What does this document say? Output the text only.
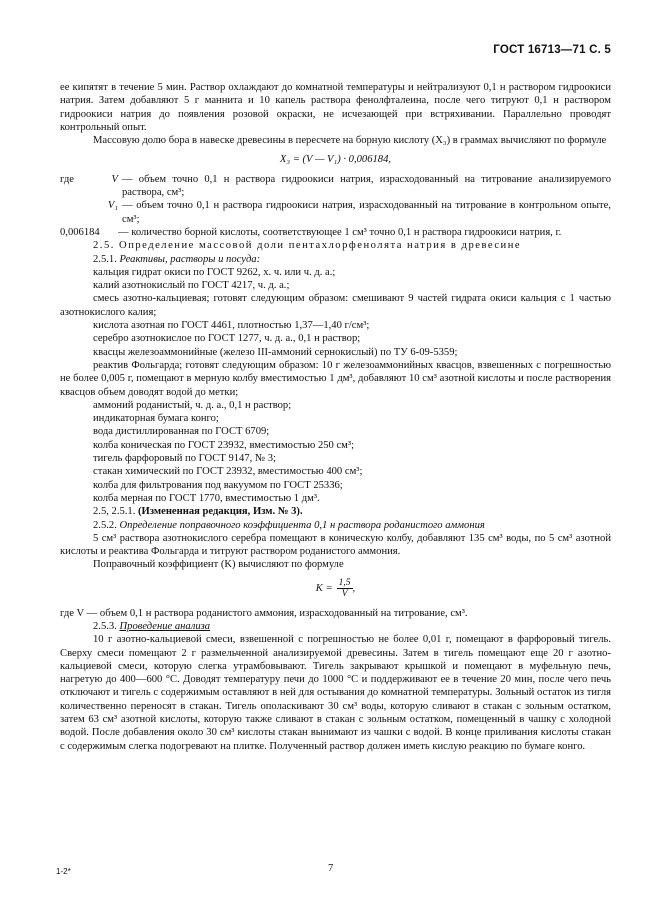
ГОСТ 16713—71 С. 5

ее кипятят в течение 5 мин. Раствор охлаждают до комнатной температуры и нейтрализуют 0,1 н раствором гидроокиси натрия. Затем добавляют 5 г маннита и 10 капель раствора фенолфталеина, после чего титруют 0,1 н раствором гидроокиси натрия до появления розовой окраски, не исчезающей при встряхивании. Параллельно проводят контрольный опыт.

Массовую долю бора в навеске древесины в пересчете на борную кислоту (X₃) в граммах вычисляют по формуле

X₃ = (V — V₁) · 0,006184,

где	V — объем точно 0,1 н раствора гидроокиси натрия, израсходованный на титрование анализируемого раствора, см³;
V₁ — объем точно 0,1 н раствора гидроокиси натрия, израсходованный на титрование в контрольном опыте, см³;
0,006184	— количество борной кислоты, соответствующее 1 см³ точно 0,1 н раствора гидроокиси натрия, г.

2.5. Определение массовой доли пентахлорфенолята натрия в древесине

2.5.1. Реактивы, растворы и посуда:

кальция гидрат окиси по ГОСТ 9262, х. ч. или ч. д. а.;

калий азотнокислый по ГОСТ 4217, ч. д. а.;

смесь азотно-кальциевая; готовят следующим образом: смешивают 9 частей гидрата окиси кальция с 1 частью азотнокислого калия;

кислота азотная по ГОСТ 4461, плотностью 1,37—1,40 г/см³;

серебро азотнокислое по ГОСТ 1277, ч. д. а., 0,1 н раствор;

квасцы железоаммонийные (железо III-аммоний сернокислый) по ТУ 6-09-5359;

реактив Фольгарда; готовят следующим образом: 10 г железоаммонийных квасцов, взвешенных с погрешностью не более 0,005 г, помещают в мерную колбу вместимостью 1 дм³, добавляют 10 см³ азотной кислоты и после растворения квасцов объем доводят водой до метки;

аммоний роданистый, ч. д. а., 0,1 н раствор;

индикаторная бумага конго;

вода дистиллированная по ГОСТ 6709;

колба коническая по ГОСТ 23932, вместимостью 250 см³;

тигель фарфоровый по ГОСТ 9147, № 3;

стакан химический по ГОСТ 23932, вместимостью 400 см³;

колба для фильтрования под вакуумом по ГОСТ 25336;

колба мерная по ГОСТ 1770, вместимостью 1 дм³.

2.5, 2.5.1. (Измененная редакция, Изм. № 3).

2.5.2. Определение поправочного коэффициента 0,1 н раствора роданистого аммония

5 см³ раствора азотнокислого серебра помещают в коническую колбу, добавляют 135 см³ воды, по 5 см³ азотной кислоты и реактива Фольгарда и титруют раствором роданистого аммония.

Поправочный коэффициент (K) вычисляют по формуле

$K = \frac{1,5}{V}$ ,

где V — объем 0,1 н раствора роданистого аммония, израсходованный на титрование, см³.

2.5.3. Проведение анализа

10 г азотно-кальциевой смеси, взвешенной с погрешностью не более 0,01 г, помещают в фарфоровый тигель. Сверху смеси помещают 2 г размельченной анализируемой древесины. Затем в тигель помещают еще 20 г азотно-кальциевой смеси, которую слегка утрамбовывают. Тигель закрывают крышкой и помещают в муфельную печь, нагретую до 400—600 °С. Доводят температуру печи до 1000 °С и поддерживают ее в течение 20 мин, после чего печь отключают и тигель с содержимым оставляют в ней для остывания до комнатной температуры. Зольный остаток из тигля количественно переносят в стакан. Тигель ополаскивают 30 см³ воды, которую сливают в стакан с зольным остатком, затем 63 см³ азотной кислоты, которую также сливают в стакан с зольным остатком, помещенный в чашку с холодной водой. После добавления около 30 см³ кислоты стакан вынимают из чашки с водой. В конце приливания кислоты стакан с содержимым слегка подогревают на плитке. Полученный раствор должен иметь кислую реакцию по бумаге конго.

1-2*	7
